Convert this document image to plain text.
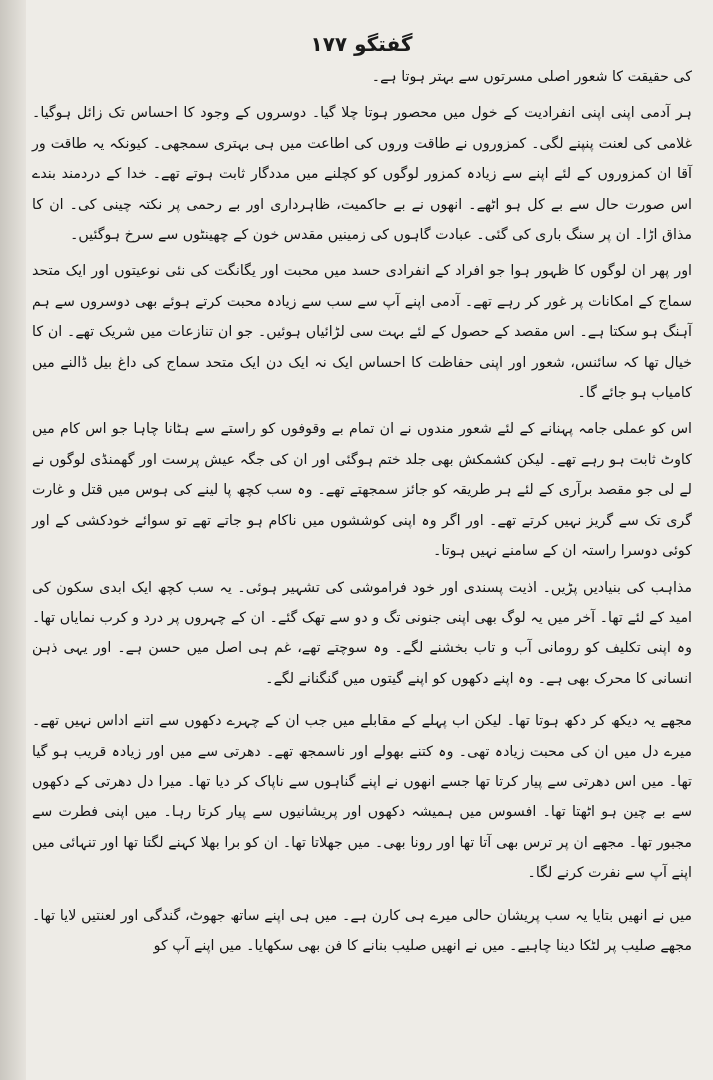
گفتگو ۱۷۷

کی حقیقت کا شعور اصلی مسرتوں سے بہتر ہوتا ہے۔

ہر آدمی اپنی اپنی انفرادیت کے خول میں محصور ہوتا چلا گیا۔ دوسروں کے وجود کا احساس تک زائل ہوگیا۔ غلامی کی لعنت پنپنے لگی۔ کمزوروں نے طاقت وروں کی اطاعت میں ہی بہتری سمجھی۔ کیونکہ یہ طاقت ور آقا ان کمزوروں کے لئے اپنے سے زیادہ کمزور لوگوں کو کچلنے میں مددگار ثابت ہوتے تھے۔ خدا کے دردمند بندے اس صورت حال سے بے کل ہو اٹھے۔ انھوں نے بے حاکمیت، ظاہرداری اور بے رحمی پر نکتہ چینی کی۔ ان کا مذاق اڑا۔ ان پر سنگ باری کی گئی۔ عبادت گاہوں کی زمینیں مقدس خون کے چھینٹوں سے سرخ ہوگئیں۔

اور پھر ان لوگوں کا ظہور ہوا جو افراد کے انفرادی حسد میں محبت اور یگانگت کی نئی نوعیتوں اور ایک متحد سماج کے امکانات پر غور کر رہے تھے۔ آدمی اپنے آپ سے سب سے زیادہ محبت کرتے ہوئے بھی دوسروں سے ہم آہنگ ہو سکتا ہے۔ اس مقصد کے حصول کے لئے بہت سی لڑائیاں ہوئیں۔ جو ان تنازعات میں شریک تھے۔ ان کا خیال تھا کہ سائنس، شعور اور اپنی حفاظت کا احساس ایک نہ ایک دن ایک متحد سماج کی داغ بیل ڈالنے میں کامیاب ہو جائے گا۔

اس کو عملی جامہ پہنانے کے لئے شعور مندوں نے ان تمام بے وقوفوں کو راستے سے ہٹانا چاہا جو اس کام میں کاوٹ ثابت ہو رہے تھے۔ لیکن کشمکش بھی جلد ختم ہوگئی اور ان کی جگہ عیش پرست اور گھمنڈی لوگوں نے لے لی جو مقصد برآری کے لئے ہر طریقہ کو جائز سمجھتے تھے۔ وہ سب کچھ پا لینے کی ہوس میں قتل و غارت گری تک سے گریز نہیں کرتے تھے۔ اور اگر وہ اپنی کوششوں میں ناکام ہو جاتے تھے تو سوائے خودکشی کے اور کوئی دوسرا راستہ ان کے سامنے نہیں ہوتا۔

مذاہب کی بنیادیں پڑیں۔ اذیت پسندی اور خود فراموشی کی تشہیر ہوئی۔ یہ سب کچھ ایک ابدی سکون کی امید کے لئے تھا۔ آخر میں یہ لوگ بھی اپنی جنونی تگ و دو سے تھک گئے۔ ان کے چہروں پر درد و کرب نمایاں تھا۔ وہ اپنی تکلیف کو رومانی آب و تاب بخشنے لگے۔ وہ سوچتے تھے، غم ہی اصل میں حسن ہے۔ اور یہی ذہن انسانی کا محرک بھی ہے۔ وہ اپنے دکھوں کو اپنے گیتوں میں گنگنانے لگے۔

مجھے یہ دیکھ کر دکھ ہوتا تھا۔ لیکن اب پہلے کے مقابلے میں جب ان کے چہرے دکھوں سے اتنے اداس نہیں تھے۔ میرے دل میں ان کی محبت زیادہ تھی۔ وہ کتنے بھولے اور ناسمجھ تھے۔ دھرتی سے میں اور زیادہ قریب ہو گیا تھا۔ میں اس دھرتی سے پیار کرتا تھا جسے انھوں نے اپنے گناہوں سے ناپاک کر دیا تھا۔ میرا دل دھرتی کے دکھوں سے بے چین ہو اٹھتا تھا۔ افسوس میں ہمیشہ دکھوں اور پریشانیوں سے پیار کرتا رہا۔ میں اپنی فطرت سے مجبور تھا۔ مجھے ان پر ترس بھی آتا تھا اور رونا بھی۔ میں جھلاتا تھا۔ ان کو برا بھلا کہنے لگتا تھا اور تنہائی میں اپنے آپ سے نفرت کرنے لگا۔

میں نے انھیں بتایا یہ سب پریشان حالی میرے ہی کارن ہے۔ میں ہی اپنے ساتھ جھوٹ، گندگی اور لعنتیں لایا تھا۔ مجھے صلیب پر لٹکا دینا چاہیے۔ میں نے انھیں صلیب بنانے کا فن بھی سکھایا۔ میں اپنے آپ کو
